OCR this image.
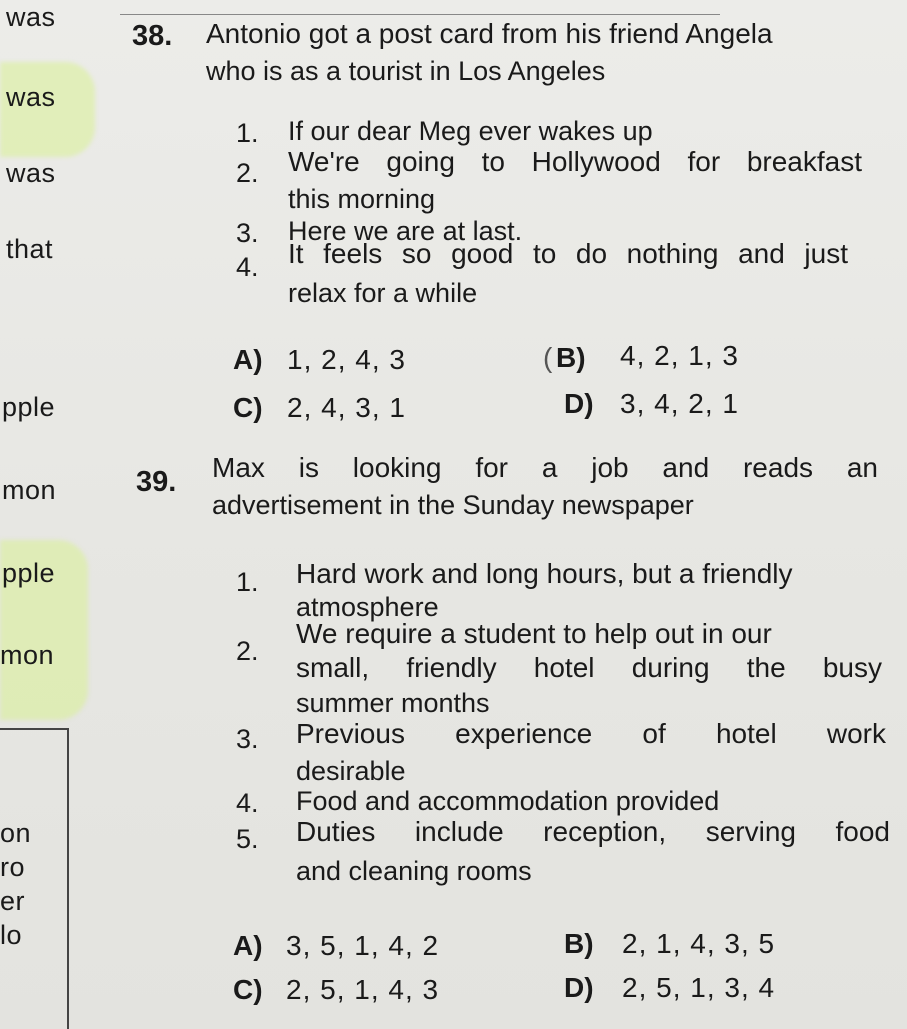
was
was
was
that
pple
mon
pple
mon
on
ro
er
lo
38. Antonio got a post card from his friend Angela
who is as a tourist in Los Angeles
1. If our dear Meg ever wakes up
2. We're going to Hollywood for breakfast
this morning
3. Here we are at last.
4. It feels so good to do nothing and just
relax for a while
A) 1, 2, 4, 3	( B) 4, 2, 1, 3
C) 2, 4, 3, 1	D) 3, 4, 2, 1
39. Max is looking for a job and reads an
advertisement in the Sunday newspaper
1. Hard work and long hours, but a friendly
atmosphere
2.
We require a student to help out in our
small, friendly hotel during the busy
summer months
3. Previous experience of hotel work
desirable
4. Food and accommodation provided
5. Duties include reception, serving food
and cleaning rooms
A) 3, 5, 1, 4, 2	B) 2, 1, 4, 3, 5
C) 2, 5, 1, 4, 3	D) 2, 5, 1, 3, 4
